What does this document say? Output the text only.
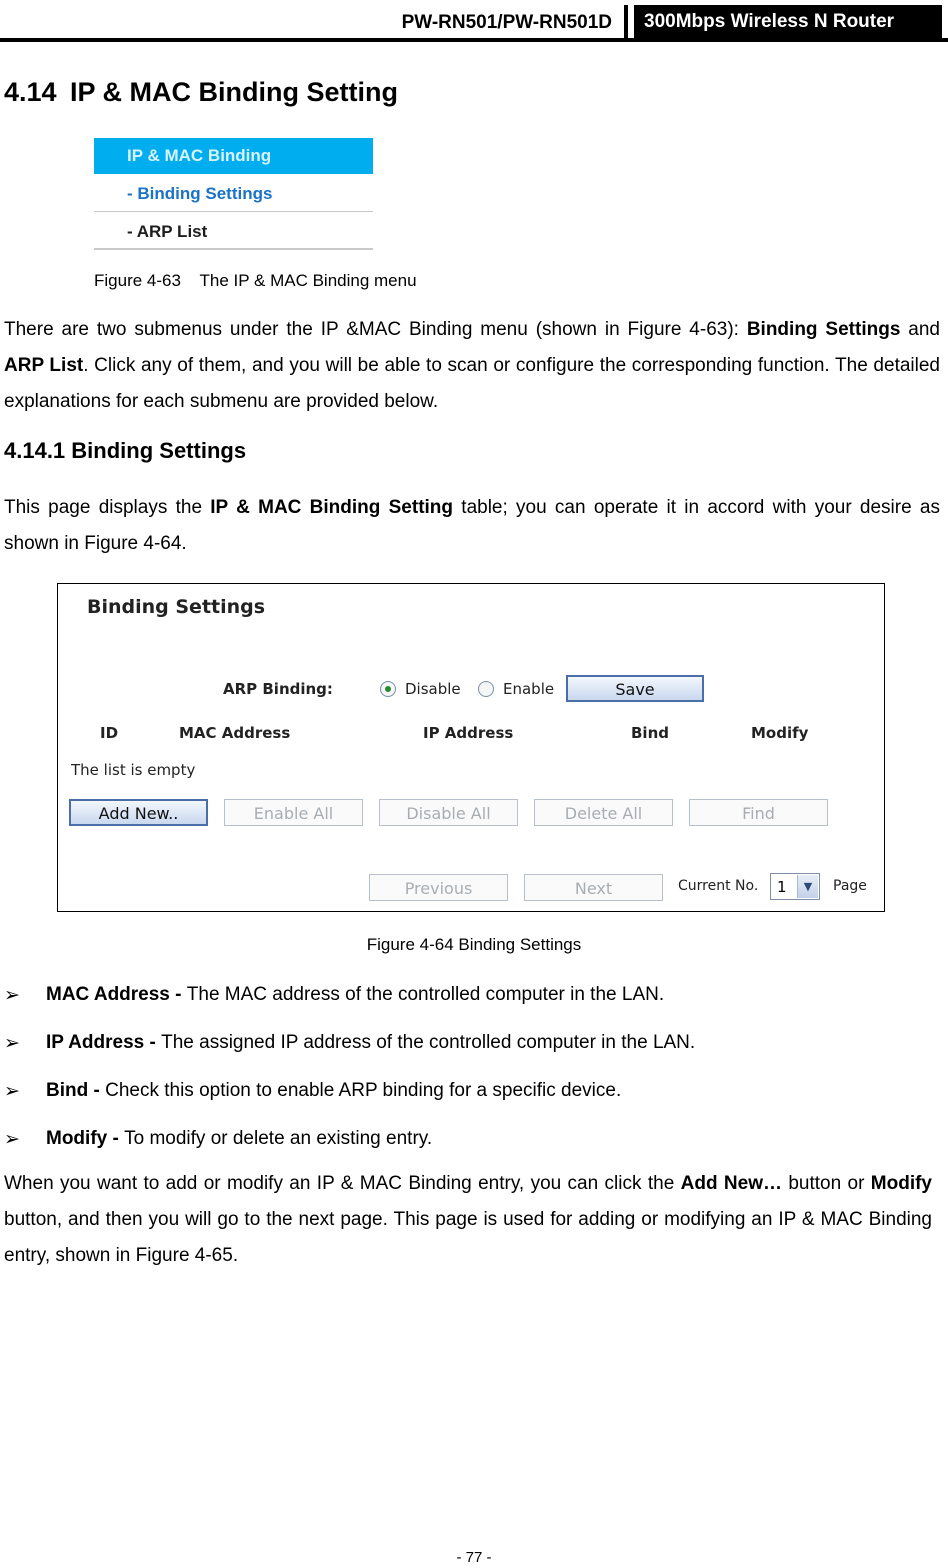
PW-RN501/PW-RN501D	300Mbps Wireless N Router
4.14 IP & MAC Binding Setting
IP & MAC Binding
- Binding Settings
- ARP List
Figure 4-63 The IP & MAC Binding menu
There are two submenus under the IP &MAC Binding menu (shown in Figure 4-63): Binding Settings and ARP List. Click any of them, and you will be able to scan or configure the corresponding function. The detailed explanations for each submenu are provided below.
4.14.1 Binding Settings
This page displays the IP & MAC Binding Setting table; you can operate it in accord with your desire as shown in Figure 4-64.
Binding Settings
ARP Binding:	Disable	Enable	Save
ID	MAC Address	IP Address	Bind	Modify
The list is empty
Add New..	Enable All	Disable All	Delete All	Find
Previous	Next	Current No. 1	▼	Page
Figure 4-64 Binding Settings
➢	MAC Address - The MAC address of the controlled computer in the LAN.
➢	IP Address - The assigned IP address of the controlled computer in the LAN.
➢	Bind - Check this option to enable ARP binding for a specific device.
➢	Modify - To modify or delete an existing entry.
When you want to add or modify an IP & MAC Binding entry, you can click the Add New… button or Modify button, and then you will go to the next page. This page is used for adding or modifying an IP & MAC Binding entry, shown in Figure 4-65.
- 77 -
